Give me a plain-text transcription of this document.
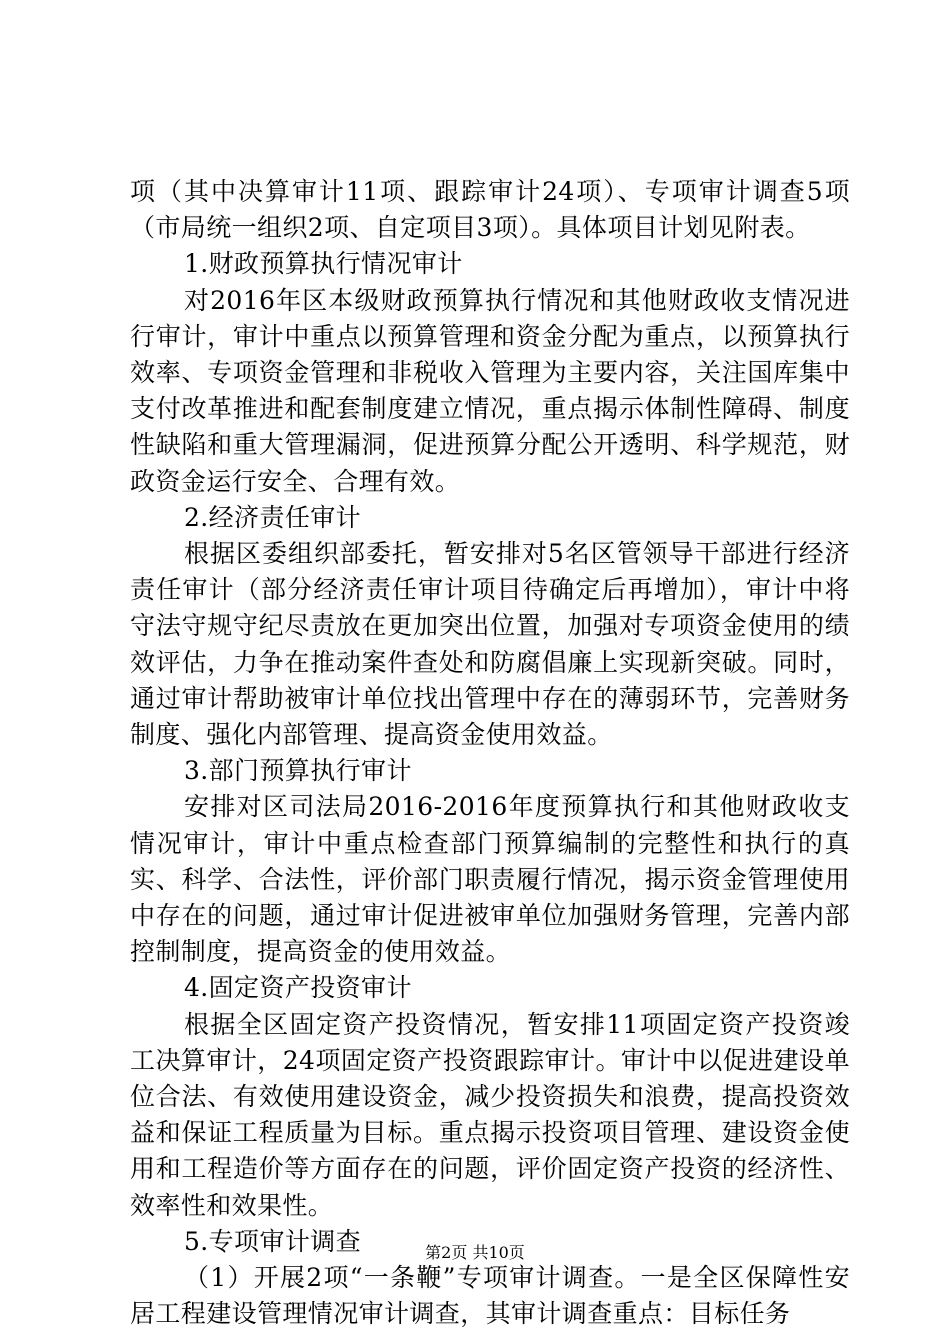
项（其中决算审计11项、跟踪审计24项）、专项审计调查5项（市局统一组织2项、自定项目3项）。具体项目计划见附表。

1.财政预算执行情况审计

对2016年区本级财政预算执行情况和其他财政收支情况进行审计，审计中重点以预算管理和资金分配为重点，以预算执行效率、专项资金管理和非税收入管理为主要内容，关注国库集中支付改革推进和配套制度建立情况，重点揭示体制性障碍、制度性缺陷和重大管理漏洞，促进预算分配公开透明、科学规范，财政资金运行安全、合理有效。

2.经济责任审计

根据区委组织部委托，暂安排对5名区管领导干部进行经济责任审计（部分经济责任审计项目待确定后再增加），审计中将守法守规守纪尽责放在更加突出位置，加强对专项资金使用的绩效评估，力争在推动案件查处和防腐倡廉上实现新突破。同时，通过审计帮助被审计单位找出管理中存在的薄弱环节，完善财务制度、强化内部管理、提高资金使用效益。

3.部门预算执行审计

安排对区司法局2016-2016年度预算执行和其他财政收支情况审计，审计中重点检查部门预算编制的完整性和执行的真实、科学、合法性，评价部门职责履行情况，揭示资金管理使用中存在的问题，通过审计促进被审单位加强财务管理，完善内部控制制度，提高资金的使用效益。

4.固定资产投资审计

根据全区固定资产投资情况，暂安排11项固定资产投资竣工决算审计，24项固定资产投资跟踪审计。审计中以促进建设单位合法、有效使用建设资金，减少投资损失和浪费，提高投资效益和保证工程质量为目标。重点揭示投资项目管理、建设资金使用和工程造价等方面存在的问题，评价固定资产投资的经济性、效率性和效果性。

5.专项审计调查

（1）开展2项“一条鞭”专项审计调查。一是全区保障性安居工程建设管理情况审计调查，其审计调查重点：目标任务

第2页 共10页
